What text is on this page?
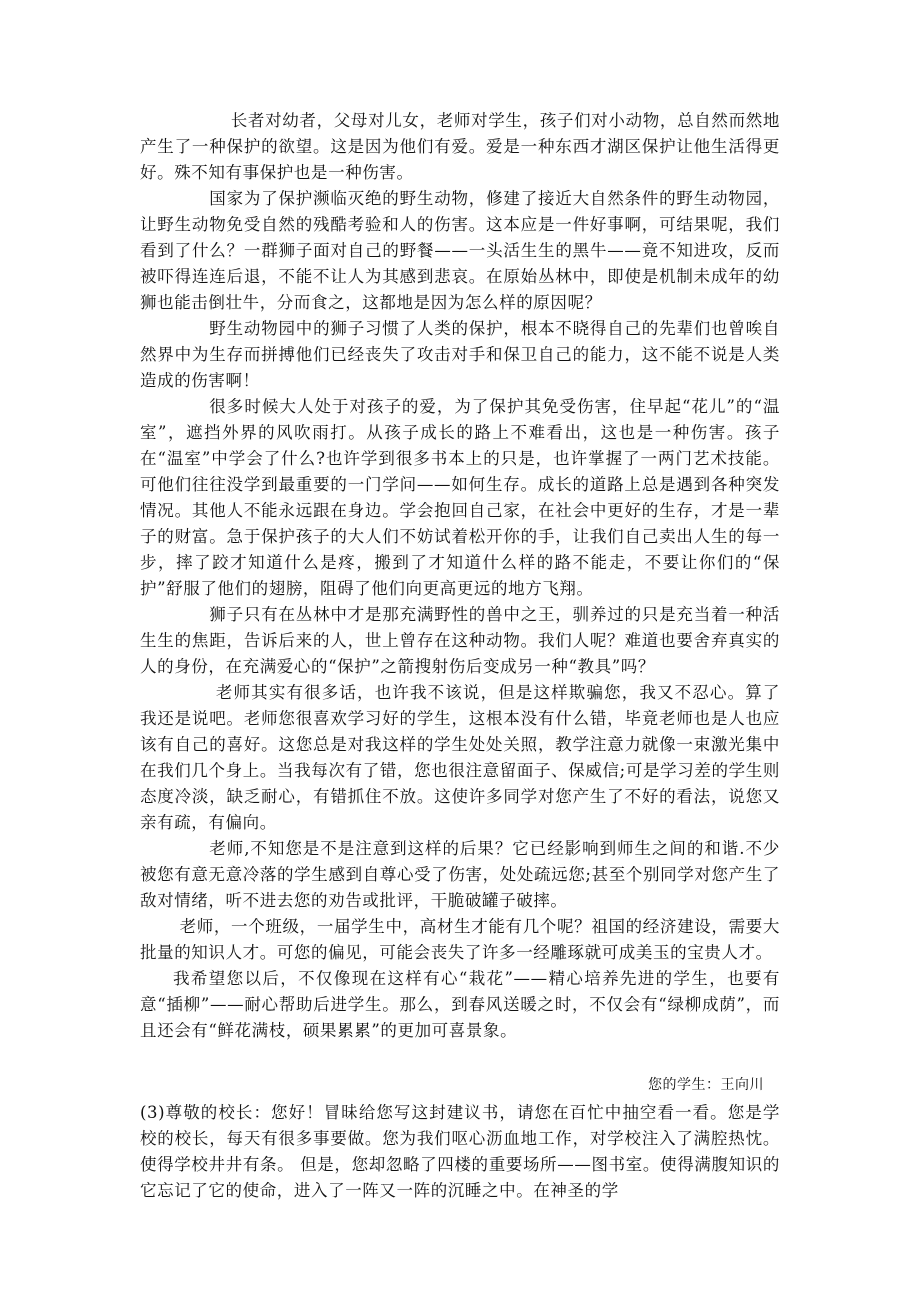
长者对幼者，父母对儿女，老师对学生，孩子们对小动物，总自然而然地产生了一种保护的欲望。这是因为他们有爱。爱是一种东西才湖区保护让他生活得更好。殊不知有事保护也是一种伤害。

国家为了保护濒临灭绝的野生动物，修建了接近大自然条件的野生动物园，让野生动物免受自然的残酷考验和人的伤害。这本应是一件好事啊，可结果呢，我们看到了什么？一群狮子面对自己的野餐——一头活生生的黑牛——竟不知进攻，反而被吓得连连后退，不能不让人为其感到悲哀。在原始丛林中，即使是机制未成年的幼狮也能击倒壮牛，分而食之，这都地是因为怎么样的原因呢？

野生动物园中的狮子习惯了人类的保护，根本不晓得自己的先辈们也曾唉自然界中为生存而拼搏他们已经丧失了攻击对手和保卫自己的能力，这不能不说是人类造成的伤害啊！

很多时候大人处于对孩子的爱，为了保护其免受伤害，住早起“花儿”的“温室”，遮挡外界的风吹雨打。从孩子成长的路上不难看出，这也是一种伤害。孩子在“温室”中学会了什么?也许学到很多书本上的只是，也许掌握了一两门艺术技能。可他们往往没学到最重要的一门学问——如何生存。成长的道路上总是遇到各种突发情况。其他人不能永远跟在身边。学会抱回自己家，在社会中更好的生存，才是一辈子的财富。急于保护孩子的大人们不妨试着松开你的手，让我们自己卖出人生的每一步，摔了跤才知道什么是疼，搬到了才知道什么样的路不能走，不要让你们的“保护”舒服了他们的翅膀，阻碍了他们向更高更远的地方飞翔。

狮子只有在丛林中才是那充满野性的兽中之王，驯养过的只是充当着一种活生生的焦距，告诉后来的人，世上曾存在这种动物。我们人呢？难道也要舍弃真实的人的身份，在充满爱心的“保护”之箭搜射伤后变成另一种“教具”吗？

老师其实有很多话，也许我不该说，但是这样欺骗您，我又不忍心。算了我还是说吧。老师您很喜欢学习好的学生，这根本没有什么错，毕竟老师也是人也应该有自己的喜好。这您总是对我这样的学生处处关照，教学注意力就像一束激光集中在我们几个身上。当我每次有了错，您也很注意留面子、保威信;可是学习差的学生则态度冷淡，缺乏耐心，有错抓住不放。这使许多同学对您产生了不好的看法，说您又亲有疏，有偏向。

老师,不知您是不是注意到这样的后果？它已经影响到师生之间的和谐.不少被您有意无意冷落的学生感到自尊心受了伤害，处处疏远您;甚至个别同学对您产生了敌对情绪，听不进去您的劝告或批评，干脆破罐子破摔。

老师，一个班级，一届学生中，高材生才能有几个呢？祖国的经济建设，需要大批量的知识人才。可您的偏见，可能会丧失了许多一经雕琢就可成美玉的宝贵人才。

我希望您以后，不仅像现在这样有心“栽花”——精心培养先进的学生，也要有意“插柳”——耐心帮助后进学生。那么，到春风送暖之时，不仅会有“绿柳成荫”，而且还会有“鲜花满枝，硕果累累”的更加可喜景象。

您的学生：王向川

(3)尊敬的校长：您好！冒昧给您写这封建议书，请您在百忙中抽空看一看。您是学校的校长，每天有很多事要做。您为我们呕心沥血地工作，对学校注入了满腔热忱。使得学校井井有条。 但是，您却忽略了四楼的重要场所——图书室。使得满腹知识的它忘记了它的使命，进入了一阵又一阵的沉睡之中。在神圣的学
